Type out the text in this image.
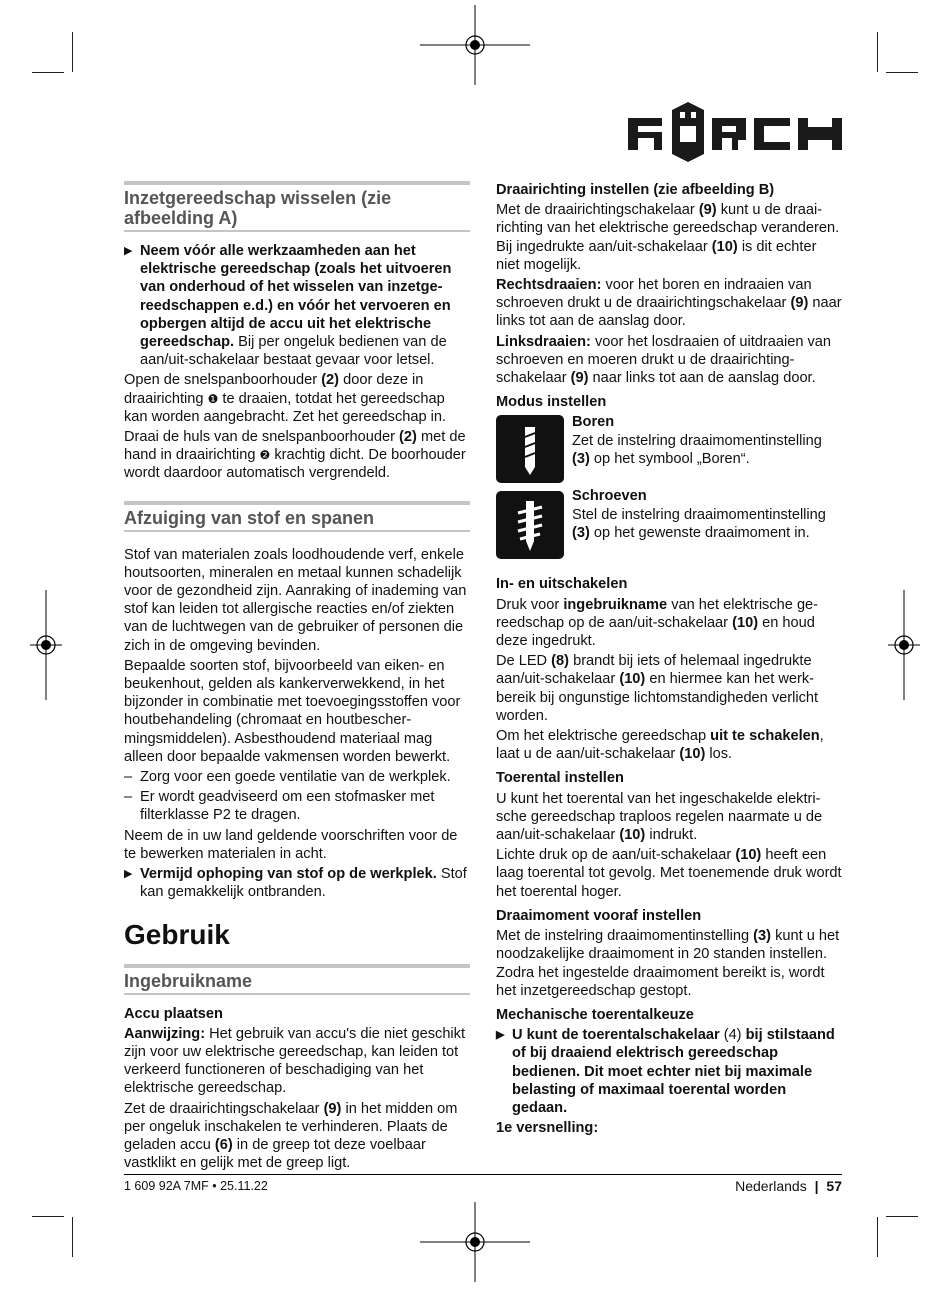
Inzetgereedschap wisselen (zie afbeelding A)

▶ Neem vóór alle werkzaamheden aan het elektrische gereedschap (zoals het uitvoeren van onderhoud of het wisselen van inzetgereedschappen e.d.) en vóór het vervoeren en opbergen altijd de accu uit het elektrische gereedschap. Bij per ongeluk bedienen van de aan/uit-schakelaar bestaat gevaar voor letsel.

Open de snelspanboorhouder (2) door deze in draairichting ❶ te draaien, totdat het gereedschap kan worden aangebracht. Zet het gereedschap in.

Draai de huls van de snelspanboorhouder (2) met de hand in draairichting ❷ krachtig dicht. De boorhouder wordt daardoor automatisch vergrendeld.

Afzuiging van stof en spanen

Stof van materialen zoals loodhoudende verf, enkele houtsoorten, mineralen en metaal kunnen schadelijk voor de gezondheid zijn. Aanraking of inademing van stof kan leiden tot allergische reacties en/of ziekten van de luchtwegen van de gebruiker of personen die zich in de omgeving bevinden.

Bepaalde soorten stof, bijvoorbeeld van eiken- en beukenhout, gelden als kankerverwekkend, in het bijzonder in combinatie met toevoegingsstoffen voor houtbehandeling (chromaat en houtbeschermingsmiddelen). Asbesthoudend materiaal mag alleen door bepaalde vakmensen worden bewerkt.

– Zorg voor een goede ventilatie van de werkplek.

– Er wordt geadviseerd om een stofmasker met filterklasse P2 te dragen.

Neem de in uw land geldende voorschriften voor de te bewerken materialen in acht.

▶ Vermijd ophoping van stof op de werkplek. Stof kan gemakkelijk ontbranden.

Gebruik
Ingebruikname

Accu plaatsen

Aanwijzing: Het gebruik van accu's die niet geschikt zijn voor uw elektrische gereedschap, kan leiden tot verkeerd functioneren of beschadiging van het elektrische gereedschap.

Zet de draairichtingschakelaar (9) in het midden om per ongeluk inschakelen te verhinderen. Plaats de geladen accu (6) in de greep tot deze voelbaar vastklikt en gelijk met de greep ligt.

Draairichting instellen (zie afbeelding B)

Met de draairichtingschakelaar (9) kunt u de draairichting van het elektrische gereedschap veranderen. Bij ingedrukte aan/uit-schakelaar (10) is dit echter niet mogelijk.

Rechtsdraaien: voor het boren en indraaien van schroeven drukt u de draairichtingschakelaar (9) naar links tot aan de aanslag door.

Linksdraaien: voor het losdraaien of uitdraaien van schroeven en moeren drukt u de draairichtingschakelaar (9) naar links tot aan de aanslag door.

Modus instellen

Boren
Zet de instelring draaimomentinstelling (3) op het symbool „Boren“.
Schroeven
Stel de instelring draaimomentinstelling (3) op het gewenste draaimoment in.

In- en uitschakelen

Druk voor ingebruikname van het elektrische gereedschap op de aan/uit-schakelaar (10) en houd deze ingedrukt.

De LED (8) brandt bij iets of helemaal ingedrukte aan/uit-schakelaar (10) en hiermee kan het werkbereik bij ongunstige lichtomstandigheden verlicht worden.

Om het elektrische gereedschap uit te schakelen, laat u de aan/uit-schakelaar (10) los.

Toerental instellen

U kunt het toerental van het ingeschakelde elektrische gereedschap traploos regelen naarmate u de aan/uit-schakelaar (10) indrukt.

Lichte druk op de aan/uit-schakelaar (10) heeft een laag toerental tot gevolg. Met toenemende druk wordt het toerental hoger.

Draaimoment vooraf instellen

Met de instelring draaimomentinstelling (3) kunt u het noodzakelijke draaimoment in 20 standen instellen. Zodra het ingestelde draaimoment bereikt is, wordt het inzetgereedschap gestopt.

Mechanische toerentalkeuze

▶ U kunt de toerentalschakelaar (4) bij stilstaand of bij draaiend elektrisch gereedschap bedienen. Dit moet echter niet bij maximale belasting of maximaal toerental worden gedaan.

1e versnelling:

1 609 92A 7MF • 25.11.22	Nederlands | 57
